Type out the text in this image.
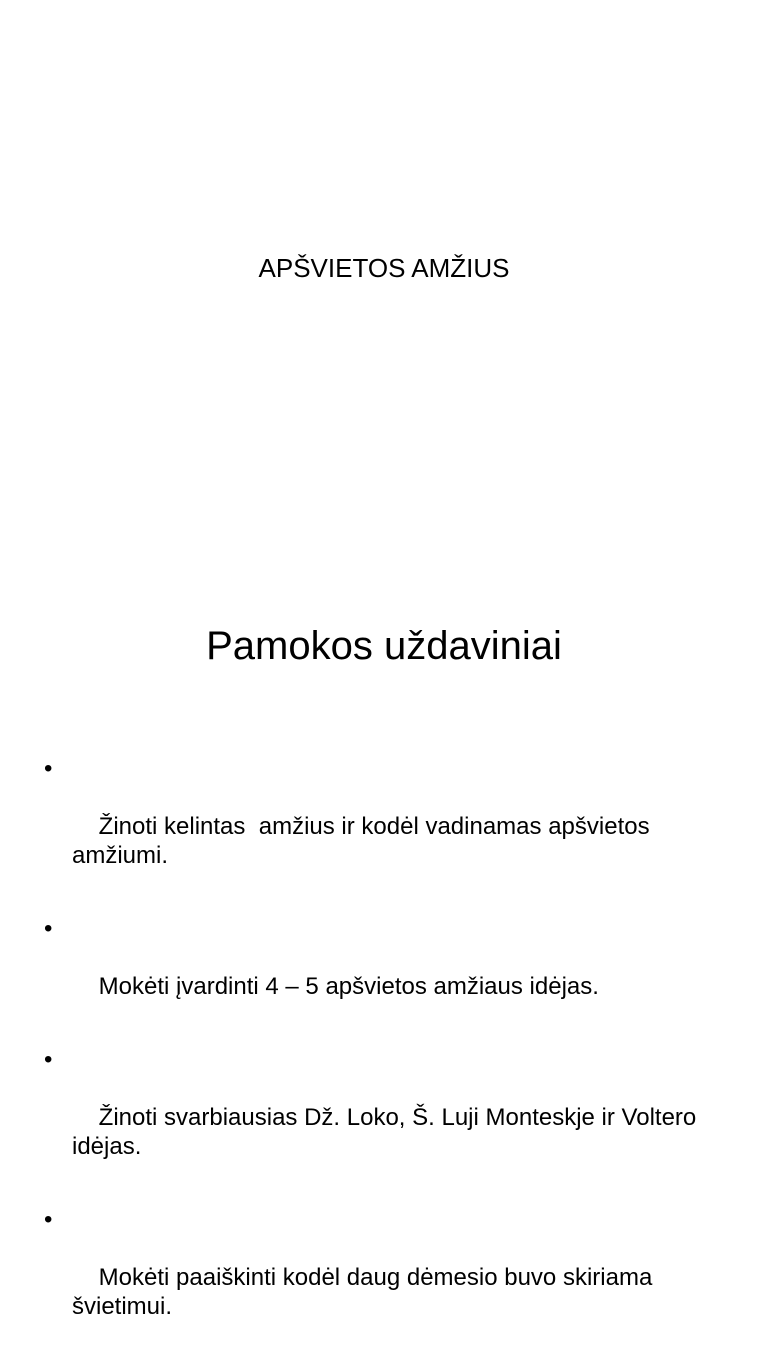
APŠVIETOS AMŽIUS
Pamokos uždaviniai

•

Žinoti kelintas  amžius ir kodėl vadinamas apšvietos amžiumi.

•

Mokėti įvardinti 4 – 5 apšvietos amžiaus idėjas.

•

Žinoti svarbiausias Dž. Loko, Š. Luji Monteskje ir Voltero  idėjas.

•

Mokėti paaiškinti kodėl daug dėmesio buvo skiriama švietimui.
